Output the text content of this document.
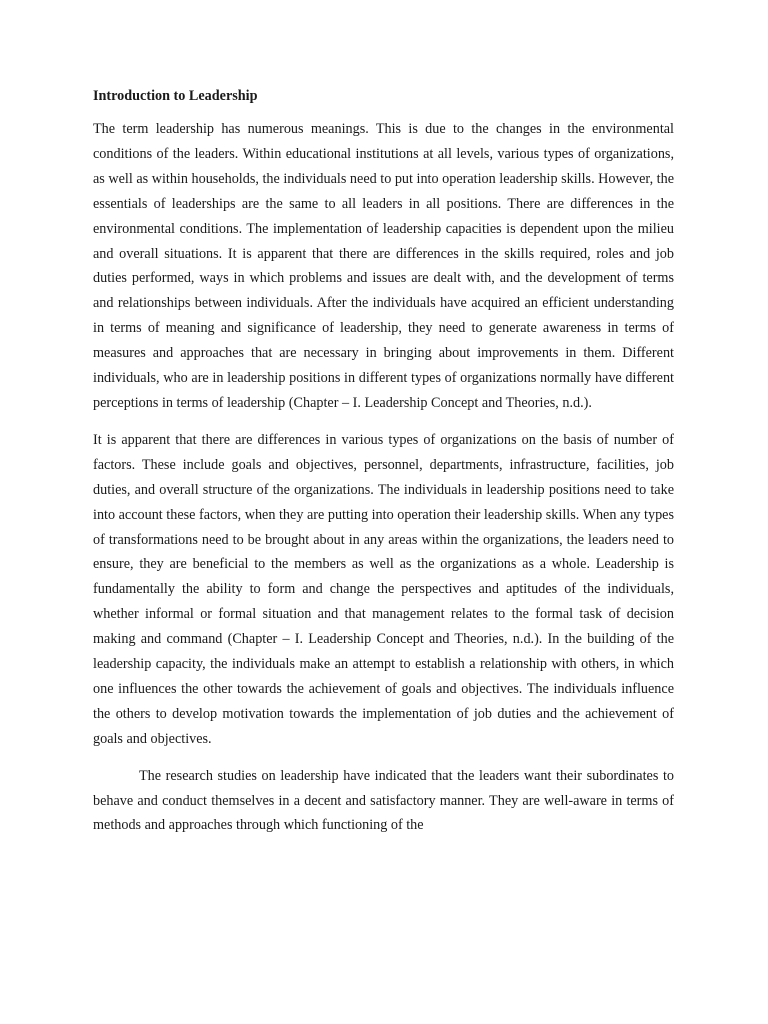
Introduction to Leadership

The term leadership has numerous meanings. This is due to the changes in the environmental conditions of the leaders. Within educational institutions at all levels, various types of organizations, as well as within households, the individuals need to put into operation leadership skills. However, the essentials of leaderships are the same to all leaders in all positions. There are differences in the environmental conditions. The implementation of leadership capacities is dependent upon the milieu and overall situations. It is apparent that there are differences in the skills required, roles and job duties performed, ways in which problems and issues are dealt with, and the development of terms and relationships between individuals. After the individuals have acquired an efficient understanding in terms of meaning and significance of leadership, they need to generate awareness in terms of measures and approaches that are necessary in bringing about improvements in them. Different individuals, who are in leadership positions in different types of organizations normally have different perceptions in terms of leadership (Chapter – I. Leadership Concept and Theories, n.d.).

It is apparent that there are differences in various types of organizations on the basis of number of factors. These include goals and objectives, personnel, departments, infrastructure, facilities, job duties, and overall structure of the organizations. The individuals in leadership positions need to take into account these factors, when they are putting into operation their leadership skills. When any types of transformations need to be brought about in any areas within the organizations, the leaders need to ensure, they are beneficial to the members as well as the organizations as a whole. Leadership is fundamentally the ability to form and change the perspectives and aptitudes of the individuals, whether informal or formal situation and that management relates to the formal task of decision making and command (Chapter – I. Leadership Concept and Theories, n.d.). In the building of the leadership capacity, the individuals make an attempt to establish a relationship with others, in which one influences the other towards the achievement of goals and objectives. The individuals influence the others to develop motivation towards the implementation of job duties and the achievement of goals and objectives.

The research studies on leadership have indicated that the leaders want their subordinates to behave and conduct themselves in a decent and satisfactory manner. They are well-aware in terms of methods and approaches through which functioning of the
